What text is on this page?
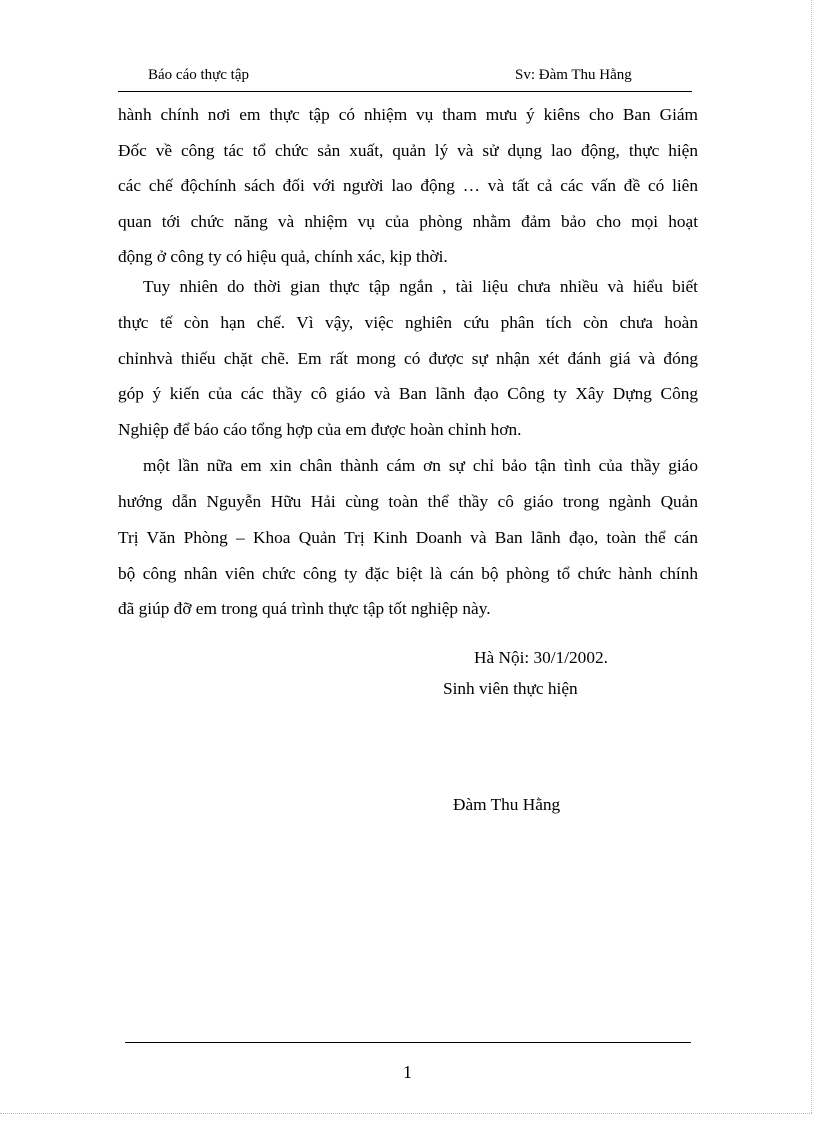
Báo cáo thực tập	Sv: Đàm Thu Hằng
hành chính nơi em thực tập có nhiệm vụ tham mưu ý kiêns cho Ban Giám
Đốc về công tác tổ chức sản xuất, quản lý và sử dụng lao động, thực hiện
các chế độchính sách đối với người lao động … và tất cả các vấn đề có liên
quan tới chức năng và nhiệm vụ của phòng nhằm đảm bảo cho mọi hoạt
động ở công ty có hiệu quả, chính xác, kịp thời.
Tuy nhiên do thời gian thực tập ngắn , tài liệu chưa nhiều và hiểu biết
thực tế còn hạn chế. Vì vậy, việc nghiên cứu phân tích còn chưa hoàn
chỉnhvà thiếu chặt chẽ. Em rất mong có được sự nhận xét đánh giá và đóng
góp ý kiến của các thầy cô giáo và Ban lãnh đạo Công ty Xây Dựng Công
Nghiệp để báo cáo tổng hợp của em được hoàn chỉnh hơn.
một lần nữa em xin chân thành cám ơn sự chỉ bảo tận tình của thầy giáo
hướng dẫn Nguyễn Hữu Hải cùng toàn thể thầy cô giáo trong ngành Quản
Trị Văn Phòng – Khoa Quản Trị Kinh Doanh và Ban lãnh đạo, toàn thể cán
bộ công nhân viên chức công ty đặc biệt là cán bộ phòng tổ chức hành chính
đã giúp đỡ em trong quá trình thực tập tốt nghiệp này.
Hà Nội: 30/1/2002.
Sinh viên thực hiện
Đàm Thu Hằng
1
